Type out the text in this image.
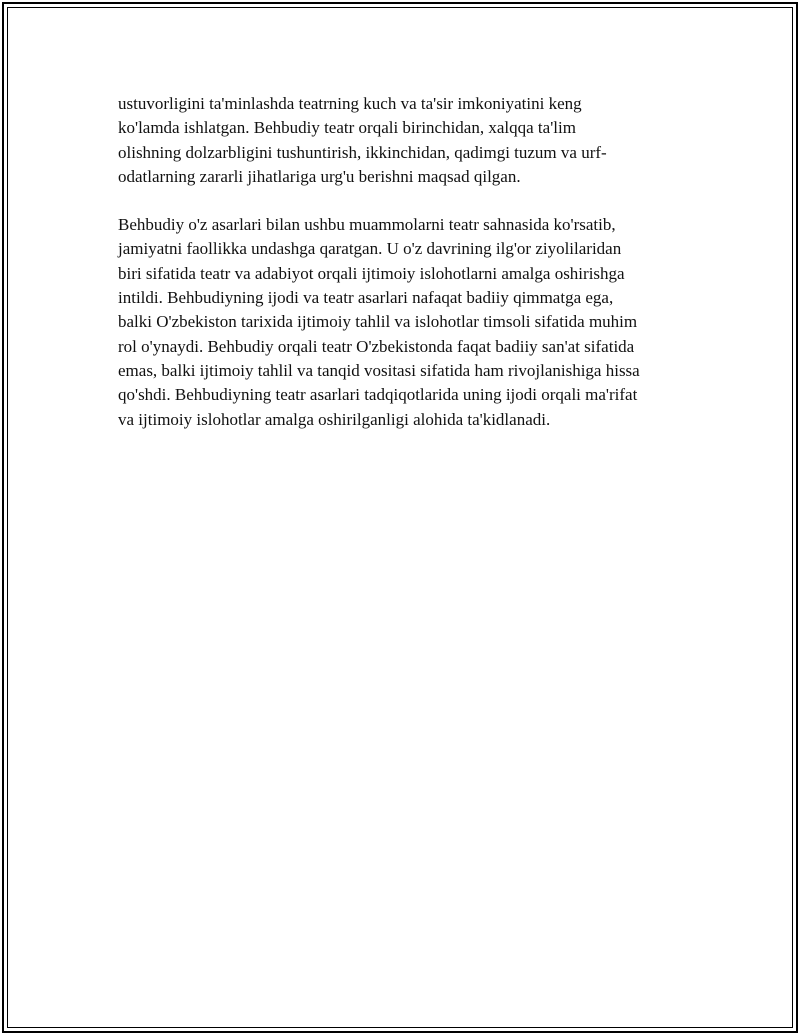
ustuvorligini ta'minlashda teatrning kuch va ta'sir imkoniyatini keng
ko'lamda ishlatgan. Behbudiy teatr orqali birinchidan, xalqqa ta'lim
olishning dolzarbligini tushuntirish, ikkinchidan, qadimgi tuzum va urf-
odatlarning zararli jihatlariga urg'u berishni maqsad qilgan.

Behbudiy o'z asarlari bilan ushbu muammolarni teatr sahnasida ko'rsatib,
jamiyatni faollikka undashga qaratgan. U o'z davrining ilg'or ziyolilaridan
biri sifatida teatr va adabiyot orqali ijtimoiy islohotlarni amalga oshirishga
intildi. Behbudiyning ijodi va teatr asarlari nafaqat badiiy qimmatga ega,
balki O'zbekiston tarixida ijtimoiy tahlil va islohotlar timsoli sifatida muhim
rol o'ynaydi. Behbudiy orqali teatr O'zbekistonda faqat badiiy san'at sifatida
emas, balki ijtimoiy tahlil va tanqid vositasi sifatida ham rivojlanishiga hissa
qo'shdi. Behbudiyning teatr asarlari tadqiqotlarida uning ijodi orqali ma'rifat
va ijtimoiy islohotlar amalga oshirilganligi alohida ta'kidlanadi.
